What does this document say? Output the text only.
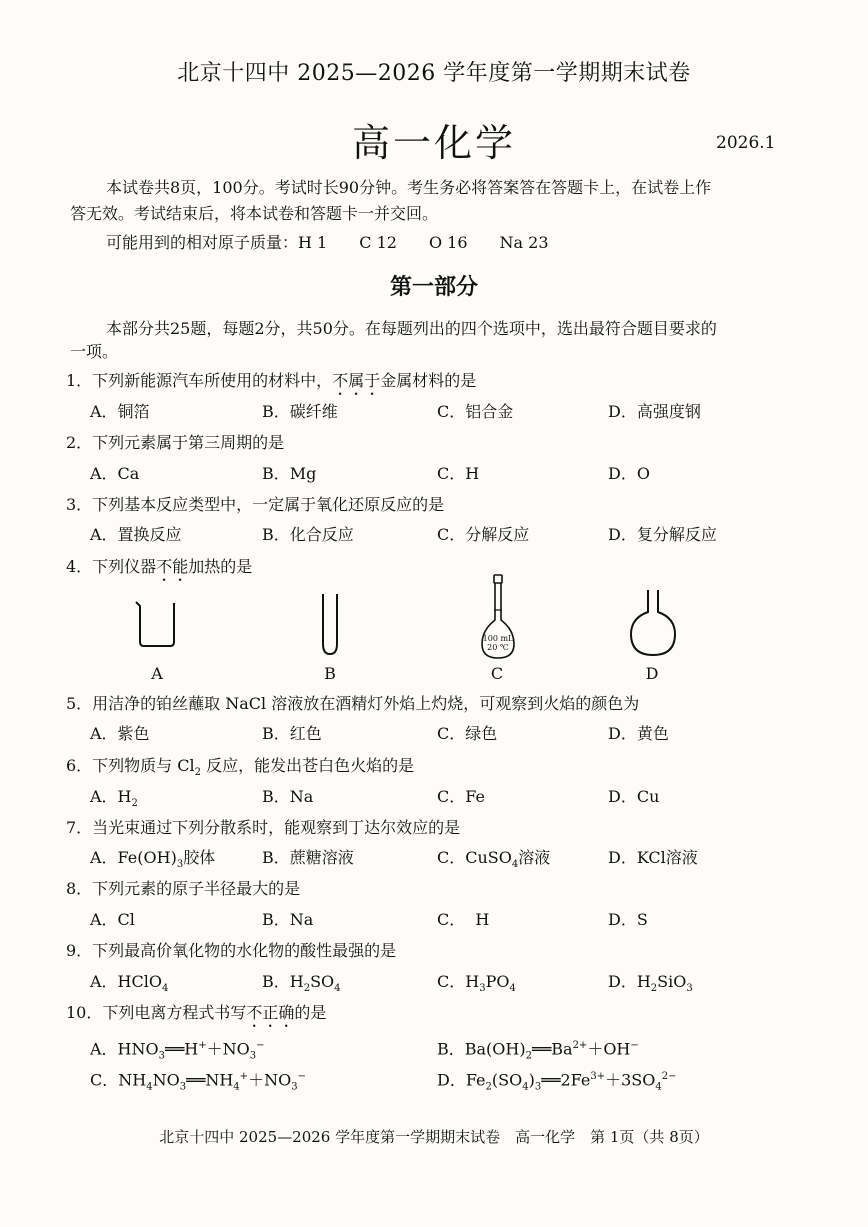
北京十四中 2025—2026 学年度第一学期期末试卷
高一化学	2026.1
本试卷共8页，100分。考试时长90分钟。考生务必将答案答在答题卡上，在试卷上作
答无效。考试结束后，将本试卷和答题卡一并交回。
可能用到的相对原子质量：H 1　　 C 12　　 O 16　　 Na 23
第一部分
本部分共25题，每题2分，共50分。在每题列出的四个选项中，选出最符合题目要求的
一项。
1．下列新能源汽车所使用的材料中，不属于金属材料的是
A．铜箔	B．碳纤维	C．铝合金	D．高强度钢
2．下列元素属于第三周期的是
A．Ca	B．Mg	C．H	D．O
3．下列基本反应类型中，一定属于氧化还原反应的是
A．置换反应	B．化合反应	C．分解反应	D．复分解反应
4．下列仪器不能加热的是
100 mL
20 ℃
A	B	C	D
5．用洁净的铂丝蘸取 NaCl 溶液放在酒精灯外焰上灼烧，可观察到火焰的颜色为
A．紫色	B．红色	C．绿色	D．黄色
6．下列物质与 $Cl_2$ 反应，能发出苍白色火焰的是
A．$H_2$	B．Na	C．Fe	D．Cu
7．当光束通过下列分散系时，能观察到丁达尔效应的是
A．$Fe(OH)_3$胶体	B．蔗糖溶液	C．CuSO$_4$溶液	D．KCl溶液
8．下列元素的原子半径最大的是
A．Cl	B．Na	C．  H	D．S
9．下列最高价氧化物的水化物的酸性最强的是
A．HClO$_4$	B．$H_2SO_4$	C．$H_3PO_4$	D．$H_2SiO_3$
10．下列电离方程式书写不正确的是
A．$HNO_3══H^++NO_3^-$	B．$Ba(OH)_2══Ba^{2+}+OH^-$
C．$NH_4NO_3══NH_4^++NO_3^-$	D．$Fe_2(SO_4)_3══2Fe^{3+}+3SO_4^{2-}$
北京十四中 2025—2026 学年度第一学期期末试卷　高一化学　第 1页（共 8页）
